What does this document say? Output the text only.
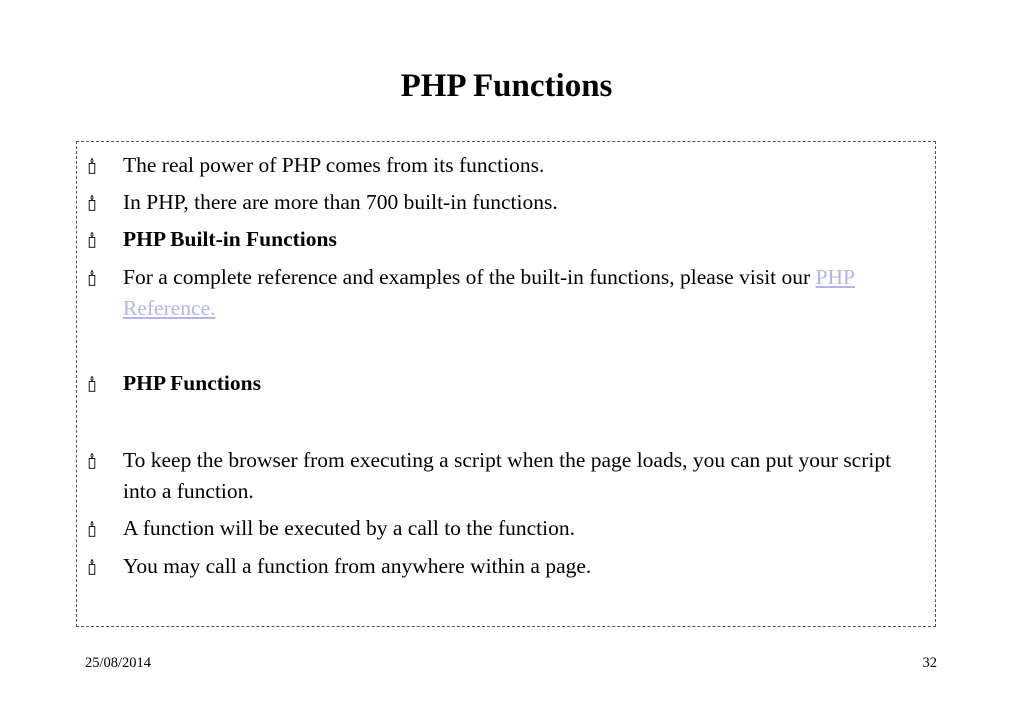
PHP Functions
The real power of PHP comes from its functions.
In PHP, there are more than 700 built-in functions.
PHP Built-in Functions
For a complete reference and examples of the built-in functions, please visit our PHP Reference.
PHP Functions
To keep the browser from executing a script when the page loads, you can put your script into a function.
A function will be executed by a call to the function.
You may call a function from anywhere within a page.
25/08/2014	32
